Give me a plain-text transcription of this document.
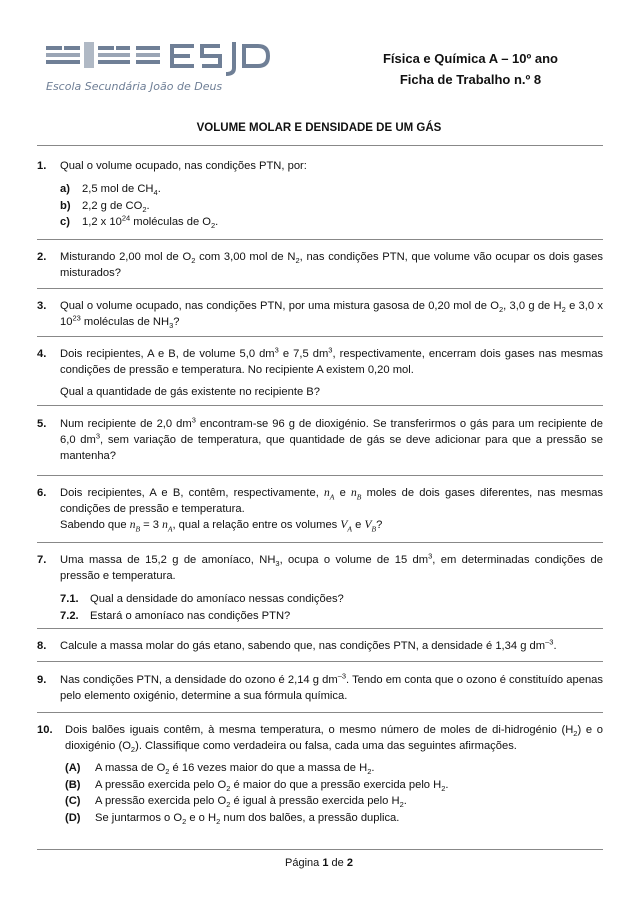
Escola Secundária João de Deus
Física e Química A – 10º ano
Ficha de Trabalho n.º 8
VOLUME MOLAR E DENSIDADE DE UM GÁS
1. Qual o volume ocupado, nas condições PTN, por:
a) 2,5 mol de $CH_4$.
b) 2,2 g de $CO_2$.
c) 1,2 x $10^{24}$ moléculas de $O_2$.
2. Misturando 2,00 mol de $O_2$ com 3,00 mol de $N_2$, nas condições PTN, que volume vão ocupar os dois gases misturados?
3. Qual o volume ocupado, nas condições PTN, por uma mistura gasosa de 0,20 mol de $O_2$, 3,0 g de $H_2$ e 3,0 x $10^{23}$ moléculas de $NH_3$?
4. Dois recipientes, A e B, de volume 5,0 $dm^3$ e 7,5 $dm^3$, respectivamente, encerram dois gases nas mesmas condições de pressão e temperatura. No recipiente A existem 0,20 mol.
Qual a quantidade de gás existente no recipiente B?
5. Num recipiente de 2,0 $dm^3$ encontram-se 96 g de dioxigénio. Se transferirmos o gás para um recipiente de 6,0 $dm^3$, sem variação de temperatura, que quantidade de gás se deve adicionar para que a pressão se mantenha?
6. Dois recipientes, A e B, contêm, respectivamente, $n_A$ e $n_B$ moles de dois gases diferentes, nas mesmas condições de pressão e temperatura.
Sabendo que $n_B = 3$ $n_A$, qual a relação entre os volumes $V_A$ e $V_B$?
7. Uma massa de 15,2 g de amoníaco, $NH_3$, ocupa o volume de 15 $dm^3$, em determinadas condições de pressão e temperatura.
7.1. Qual a densidade do amoníaco nessas condições?
7.2. Estará o amoníaco nas condições PTN?
8. Calcule a massa molar do gás etano, sabendo que, nas condições PTN, a densidade é 1,34 g $dm^{-3}$.
9. Nas condições PTN, a densidade do ozono é 2,14 g $dm^{-3}$. Tendo em conta que o ozono é constituído apenas pelo elemento oxigénio, determine a sua fórmula química.
10. Dois balões iguais contêm, à mesma temperatura, o mesmo número de moles de di-hidrogénio $(H_2)$ e o dioxigénio $(O_2)$. Classifique como verdadeira ou falsa, cada uma das seguintes afirmações.
(A) A massa de $O_2$ é 16 vezes maior do que a massa de $H_2$.
(B) A pressão exercida pelo $O_2$ é maior do que a pressão exercida pelo $H_2$.
(C) A pressão exercida pelo $O_2$ é igual à pressão exercida pelo $H_2$.
(D) Se juntarmos o $O_2$ e o $H_2$ num dos balões, a pressão duplica.
Página 1 de 2
